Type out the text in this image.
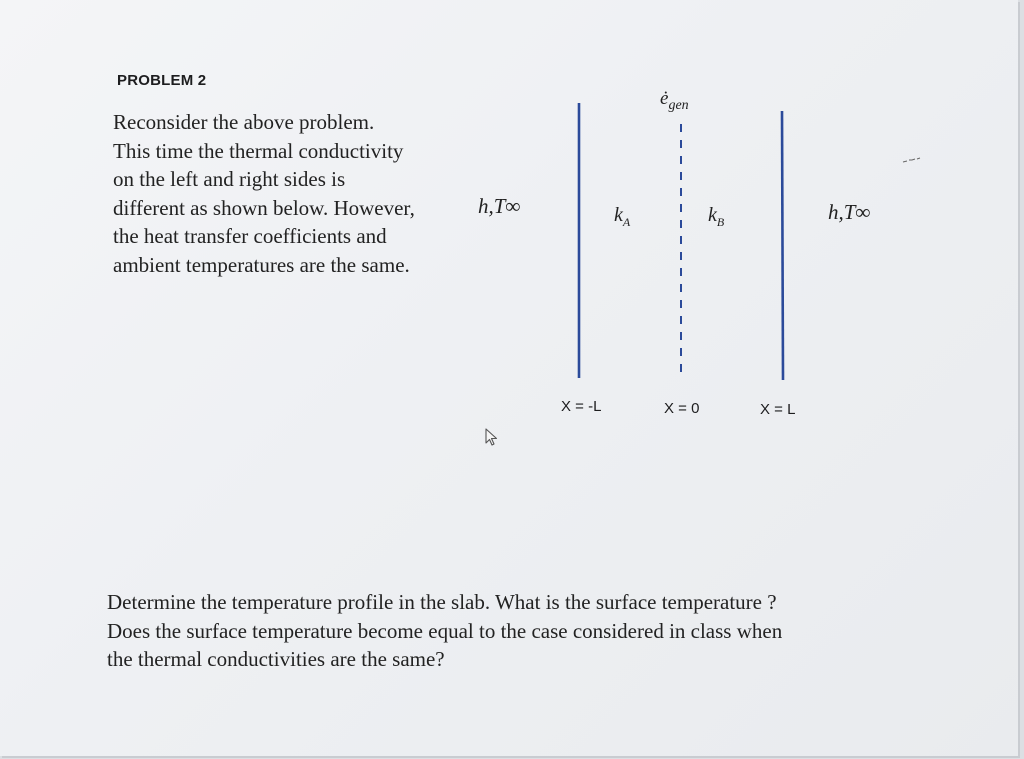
PROBLEM 2

Reconsider the above problem.
This time the thermal conductivity
on the left and right sides is
different as shown below. However,
the heat transfer coefficients and
ambient temperatures are the same.

h,T∞	h,T∞
$k_A$	$k_B$
$ė_{gen}$
X = -L	X = 0	X = L

Determine the temperature profile in the slab. What is the surface temperature ?
Does the surface temperature become equal to the case considered in class when
the thermal conductivities are the same?
